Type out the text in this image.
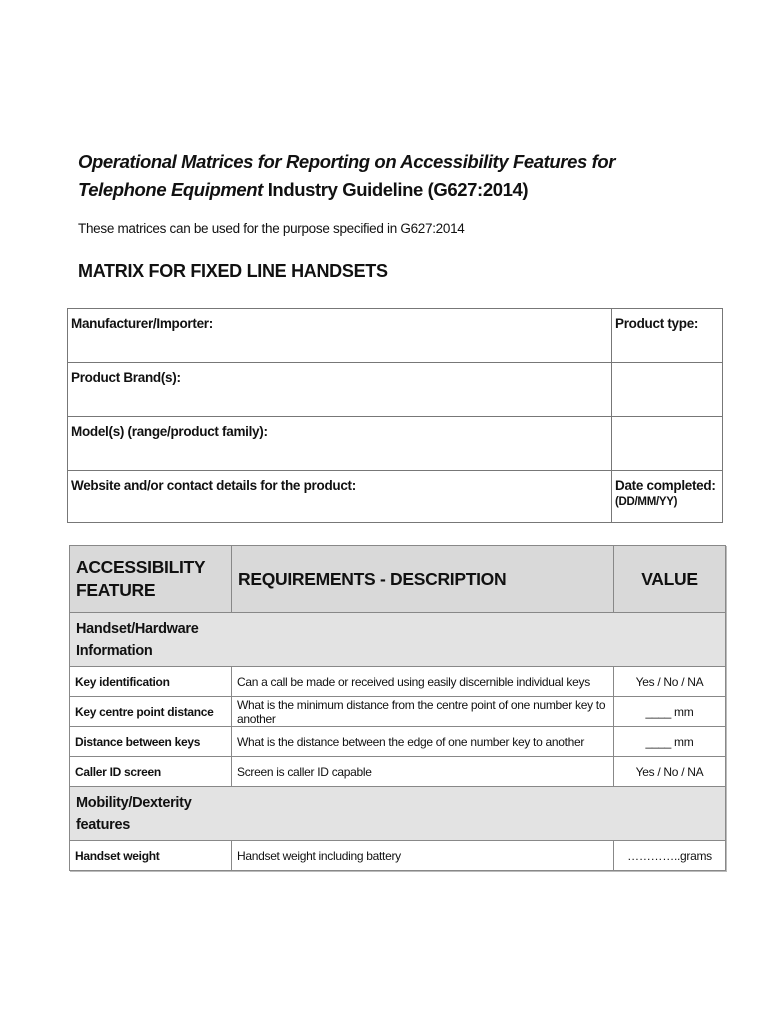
Operational Matrices for Reporting on Accessibility Features for Telephone Equipment Industry Guideline (G627:2014)
These matrices can be used for the purpose specified in G627:2014
MATRIX FOR FIXED LINE HANDSETS
Manufacturer/Importer:	Product type:
Product Brand(s):	
Model(s) (range/product family):	
Website and/or contact details for the product:	Date completed:
(DD/MM/YY)
ACCESSIBILITY FEATURE	REQUIREMENTS - DESCRIPTION	VALUE

Handset/Hardware Information		

Key identification	Can a call be made or received using easily discernible individual keys	Yes / No / NA
Key centre point distance	What is the minimum distance from the centre point of one number key to another	____ mm
Distance between keys	What is the distance between the edge of one number key to another	____ mm
Caller ID screen	Screen is caller ID capable	Yes / No / NA

Mobility/Dexterity features		

Handset weight	Handset weight including battery	…………..grams
